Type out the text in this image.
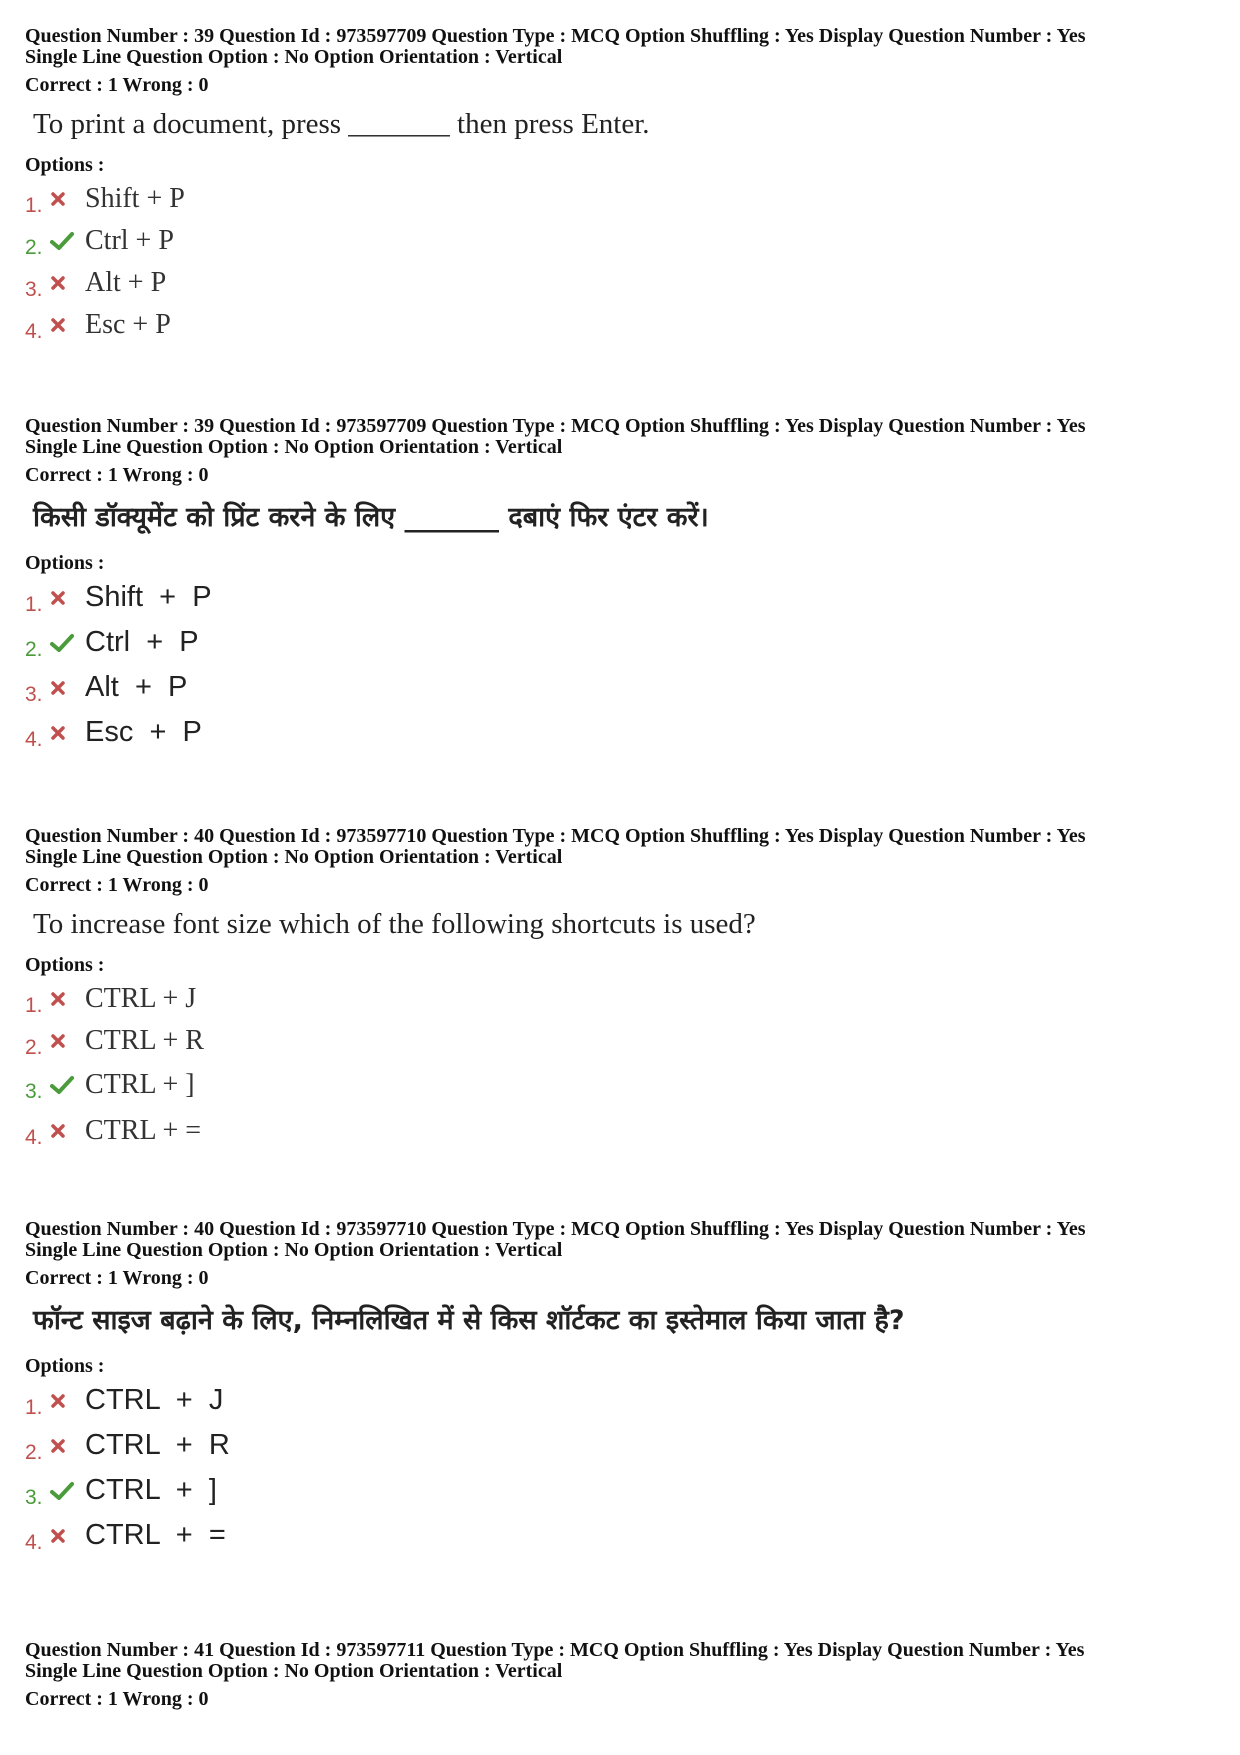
Question Number : 39 Question Id : 973597709 Question Type : MCQ Option Shuffling : Yes Display Question Number : Yes
Single Line Question Option : No Option Orientation : Vertical
Correct : 1 Wrong : 0
To print a document, press _______ then press Enter.
Options :
1. Shift + P
2. Ctrl + P
3. Alt + P
4. Esc + P
Question Number : 39 Question Id : 973597709 Question Type : MCQ Option Shuffling : Yes Display Question Number : Yes
Single Line Question Option : No Option Orientation : Vertical
Correct : 1 Wrong : 0
किसी डॉक्यूमेंट को प्रिंट करने के लिए _______ दबाएं फिर एंटर करें।
Options :
1. Shift  +  P
2. Ctrl  +  P
3. Alt  +  P
4. Esc  +  P
Question Number : 40 Question Id : 973597710 Question Type : MCQ Option Shuffling : Yes Display Question Number : Yes
Single Line Question Option : No Option Orientation : Vertical
Correct : 1 Wrong : 0
To increase font size which of the following shortcuts is used?
Options :
1. CTRL + J
2. CTRL + R
3. CTRL + ]
4. CTRL + =
Question Number : 40 Question Id : 973597710 Question Type : MCQ Option Shuffling : Yes Display Question Number : Yes
Single Line Question Option : No Option Orientation : Vertical
Correct : 1 Wrong : 0
फॉन्ट साइज बढ़ाने के लिए, निम्नलिखित में से किस शॉर्टकट का इस्तेमाल किया जाता है?
Options :
1. CTRL  +  J
2. CTRL  +  R
3. CTRL  +  ]
4. CTRL  +  =
Question Number : 41 Question Id : 973597711 Question Type : MCQ Option Shuffling : Yes Display Question Number : Yes
Single Line Question Option : No Option Orientation : Vertical
Correct : 1 Wrong : 0
